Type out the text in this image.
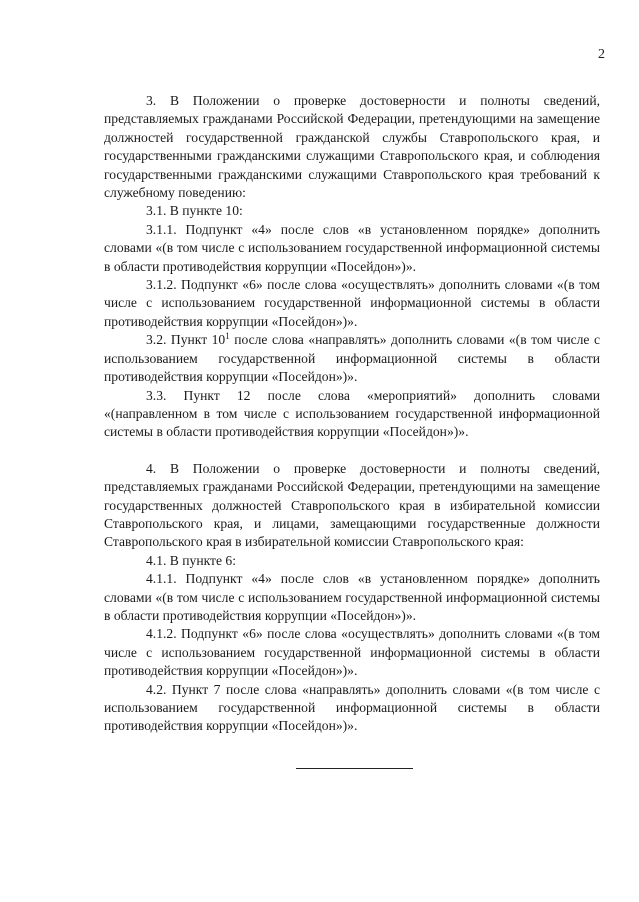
2

3. В Положении о проверке достоверности и полноты сведений, представляемых гражданами Российской Федерации, претендующими на замещение должностей государственной гражданской службы Ставропольского края, и государственными гражданскими служащими Ставропольского края, и соблюдения государственными гражданскими служащими Ставропольского края требований к служебному поведению:

3.1. В пункте 10:

3.1.1. Подпункт «4» после слов «в установленном порядке» дополнить словами «(в том числе с использованием государственной информационной системы в области противодействия коррупции «Посейдон»)».

3.1.2. Подпункт «6» после слова «осуществлять» дополнить словами «(в том числе с использованием государственной информационной системы в области противодействия коррупции «Посейдон»)».

3.2. Пункт $10^1$ после слова «направлять» дополнить словами «(в том числе с использованием государственной информационной системы в области противодействия коррупции «Посейдон»)».

3.3. Пункт 12 после слова «мероприятий» дополнить словами «(направленном в том числе с использованием государственной информационной системы в области противодействия коррупции «Посейдон»)».

4. В Положении о проверке достоверности и полноты сведений, представляемых гражданами Российской Федерации, претендующими на замещение государственных должностей Ставропольского края в избирательной комиссии Ставропольского края, и лицами, замещающими государственные должности Ставропольского края в избирательной комиссии Ставропольского края:

4.1. В пункте 6:

4.1.1. Подпункт «4» после слов «в установленном порядке» дополнить словами «(в том числе с использованием государственной информационной системы в области противодействия коррупции «Посейдон»)».

4.1.2. Подпункт «6» после слова «осуществлять» дополнить словами «(в том числе с использованием государственной информационной системы в области противодействия коррупции «Посейдон»)».

4.2. Пункт 7 после слова «направлять» дополнить словами «(в том числе с использованием государственной информационной системы в области противодействия коррупции «Посейдон»)».
